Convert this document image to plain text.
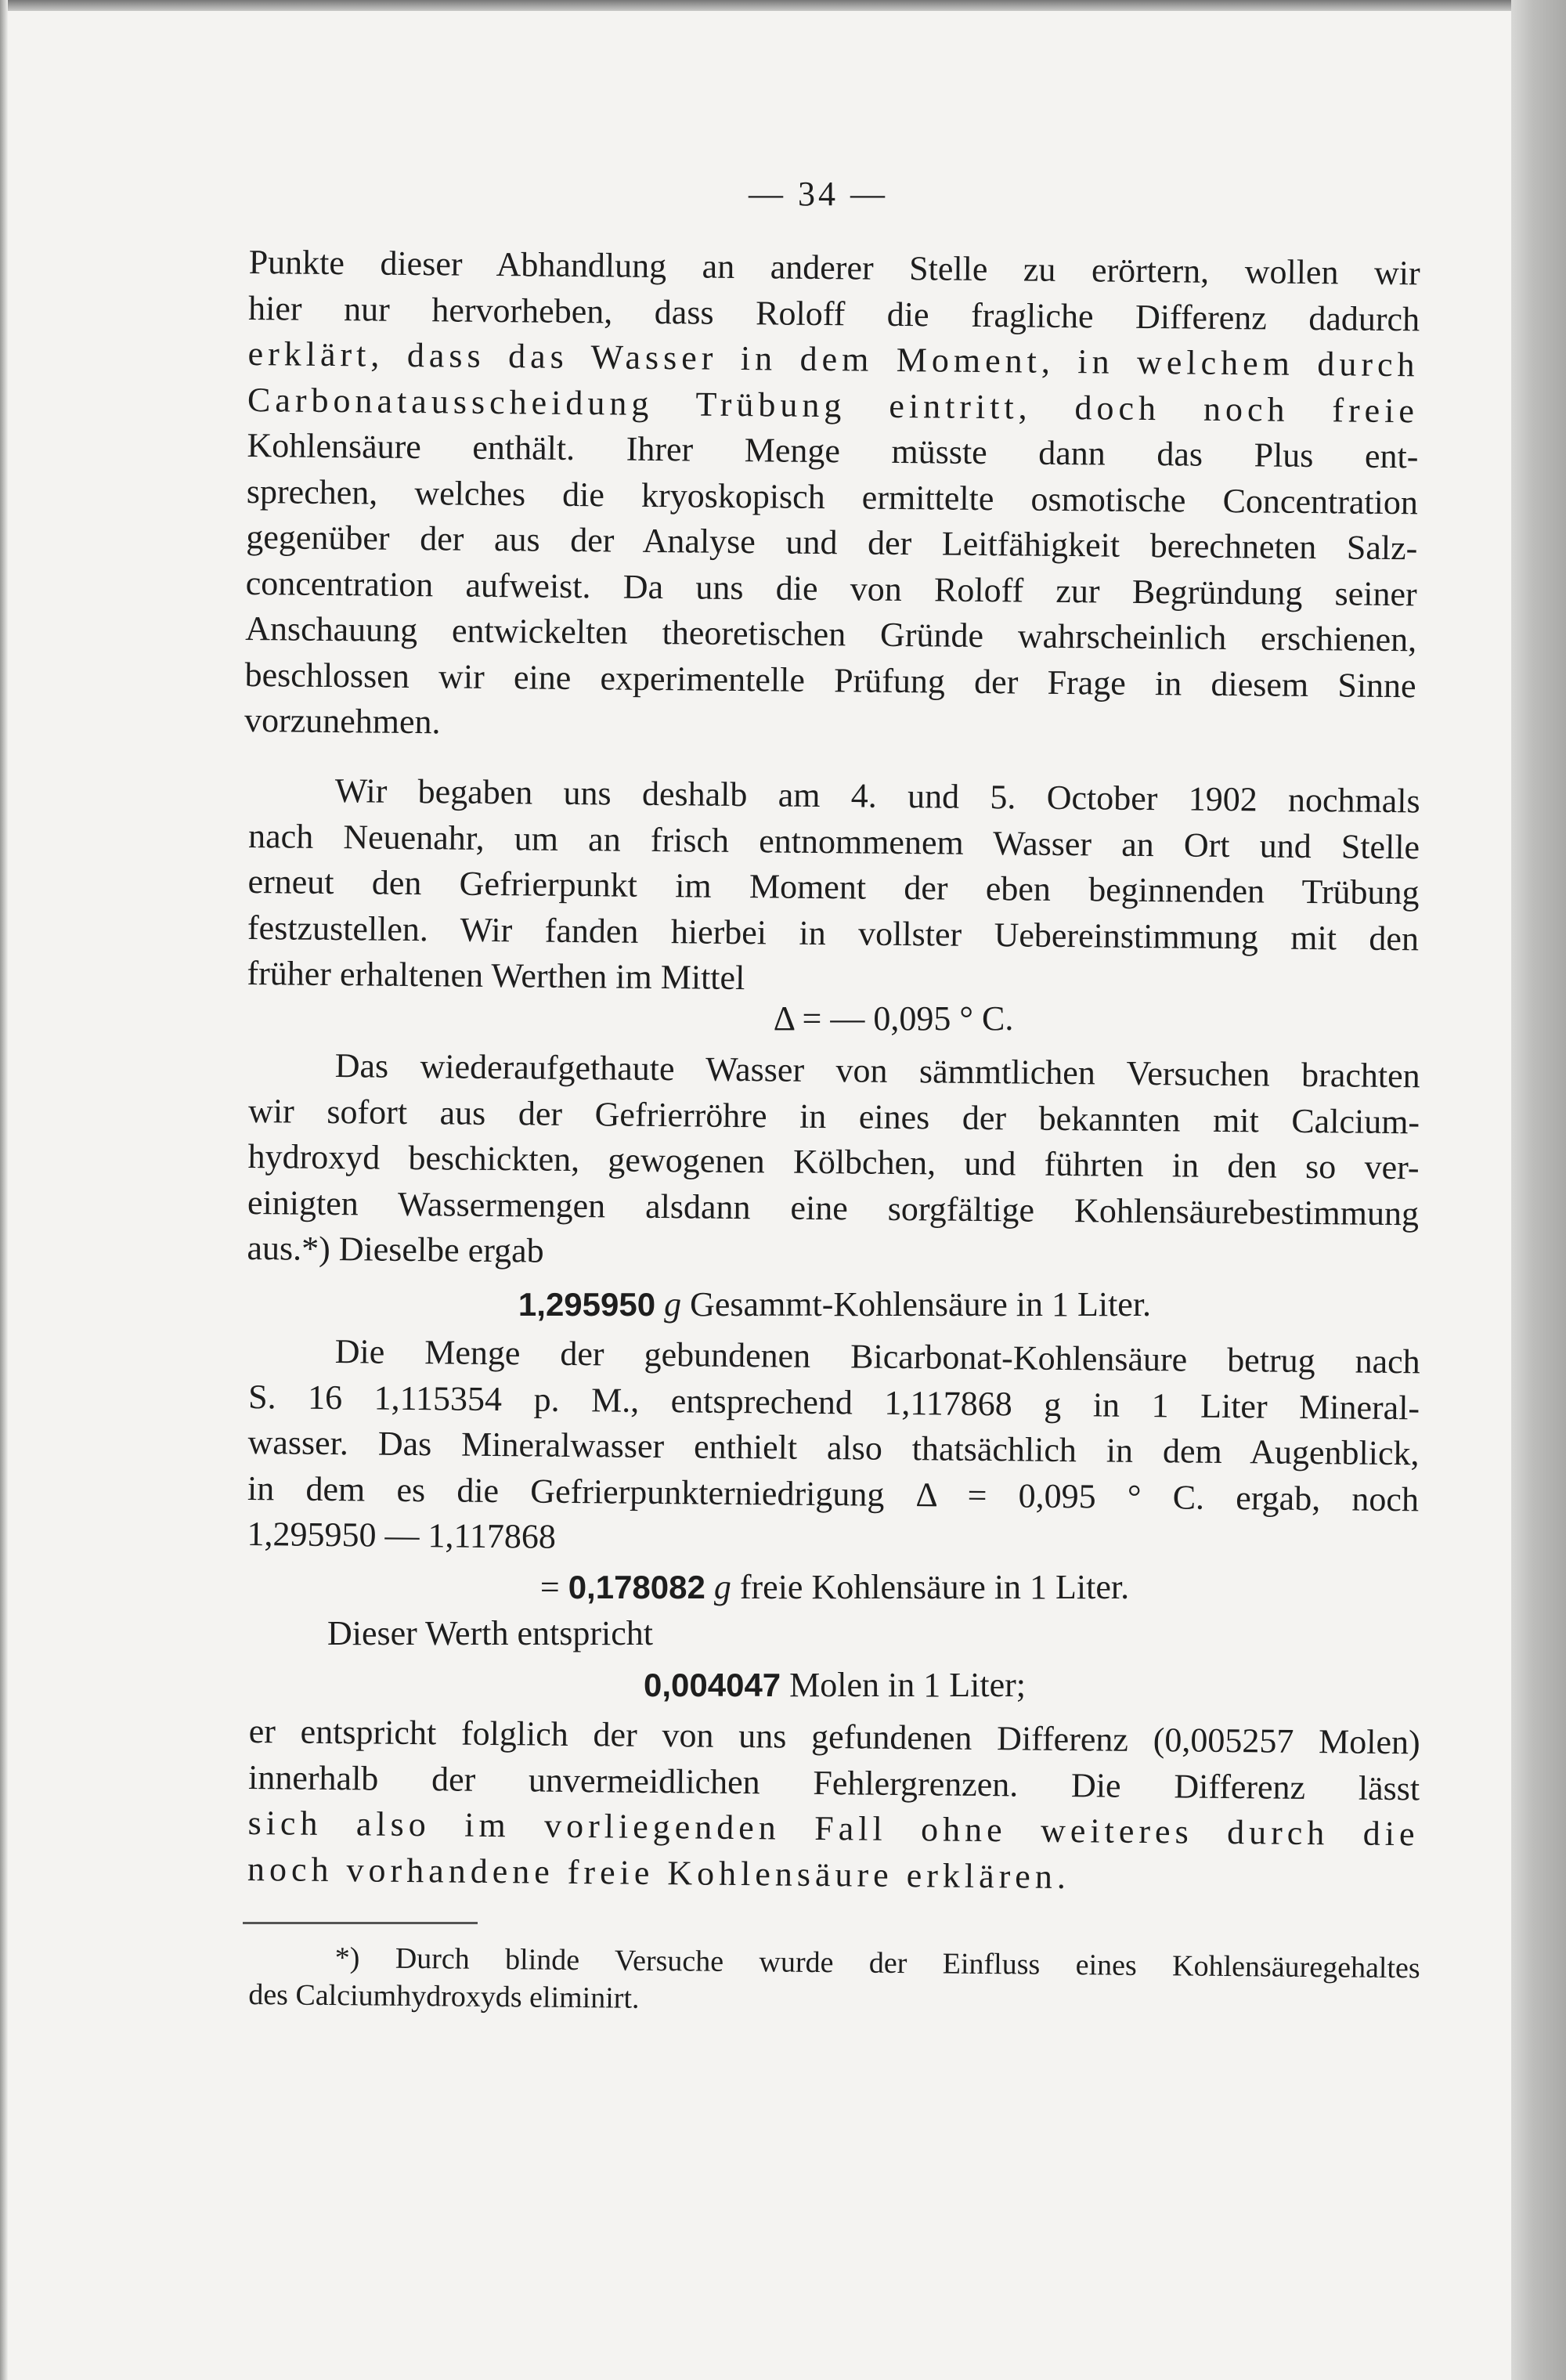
— 34 —
Punkte dieser Abhandlung an anderer Stelle zu erörtern, wollen wir
hier nur hervorheben, dass Roloff die fragliche Differenz dadurch
erklärt, dass das Wasser in dem Moment, in welchem durch
Carbonatausscheidung Trübung eintritt, doch noch freie
Kohlensäure enthält. Ihrer Menge müsste dann das Plus ent-
sprechen, welches die kryoskopisch ermittelte osmotische Concentration
gegenüber der aus der Analyse und der Leitfähigkeit berechneten Salz-
concentration aufweist. Da uns die von Roloff zur Begründung seiner
Anschauung entwickelten theoretischen Gründe wahrscheinlich erschienen,
beschlossen wir eine experimentelle Prüfung der Frage in diesem Sinne
vorzunehmen.
Wir begaben uns deshalb am 4. und 5. October 1902 nochmals
nach Neuenahr, um an frisch entnommenem Wasser an Ort und Stelle
erneut den Gefrierpunkt im Moment der eben beginnenden Trübung
festzustellen. Wir fanden hierbei in vollster Uebereinstimmung mit den
früher erhaltenen Werthen im Mittel
Δ = — 0,095 ° C.
Das wiederaufgethaute Wasser von sämmtlichen Versuchen brachten
wir sofort aus der Gefrierröhre in eines der bekannten mit Calcium-
hydroxyd beschickten, gewogenen Kölbchen, und führten in den so ver-
einigten Wassermengen alsdann eine sorgfältige Kohlensäurebestimmung
aus.*) Dieselbe ergab
1,295950 g Gesammt-Kohlensäure in 1 Liter.
Die Menge der gebundenen Bicarbonat-Kohlensäure betrug nach
S. 16 1,115354 p. M., entsprechend 1,117868 g in 1 Liter Mineral-
wasser. Das Mineralwasser enthielt also thatsächlich in dem Augenblick,
in dem es die Gefrierpunkterniedrigung Δ = 0,095 ° C. ergab, noch
1,295950 — 1,117868
= 0,178082 g freie Kohlensäure in 1 Liter.
Dieser Werth entspricht
0,004047 Molen in 1 Liter;
er entspricht folglich der von uns gefundenen Differenz (0,005257 Molen)
innerhalb der unvermeidlichen Fehlergrenzen. Die Differenz lässt
sich also im vorliegenden Fall ohne weiteres durch die
noch vorhandene freie Kohlensäure erklären.
*) Durch blinde Versuche wurde der Einfluss eines Kohlensäuregehaltes
des Calciumhydroxyds eliminirt.
